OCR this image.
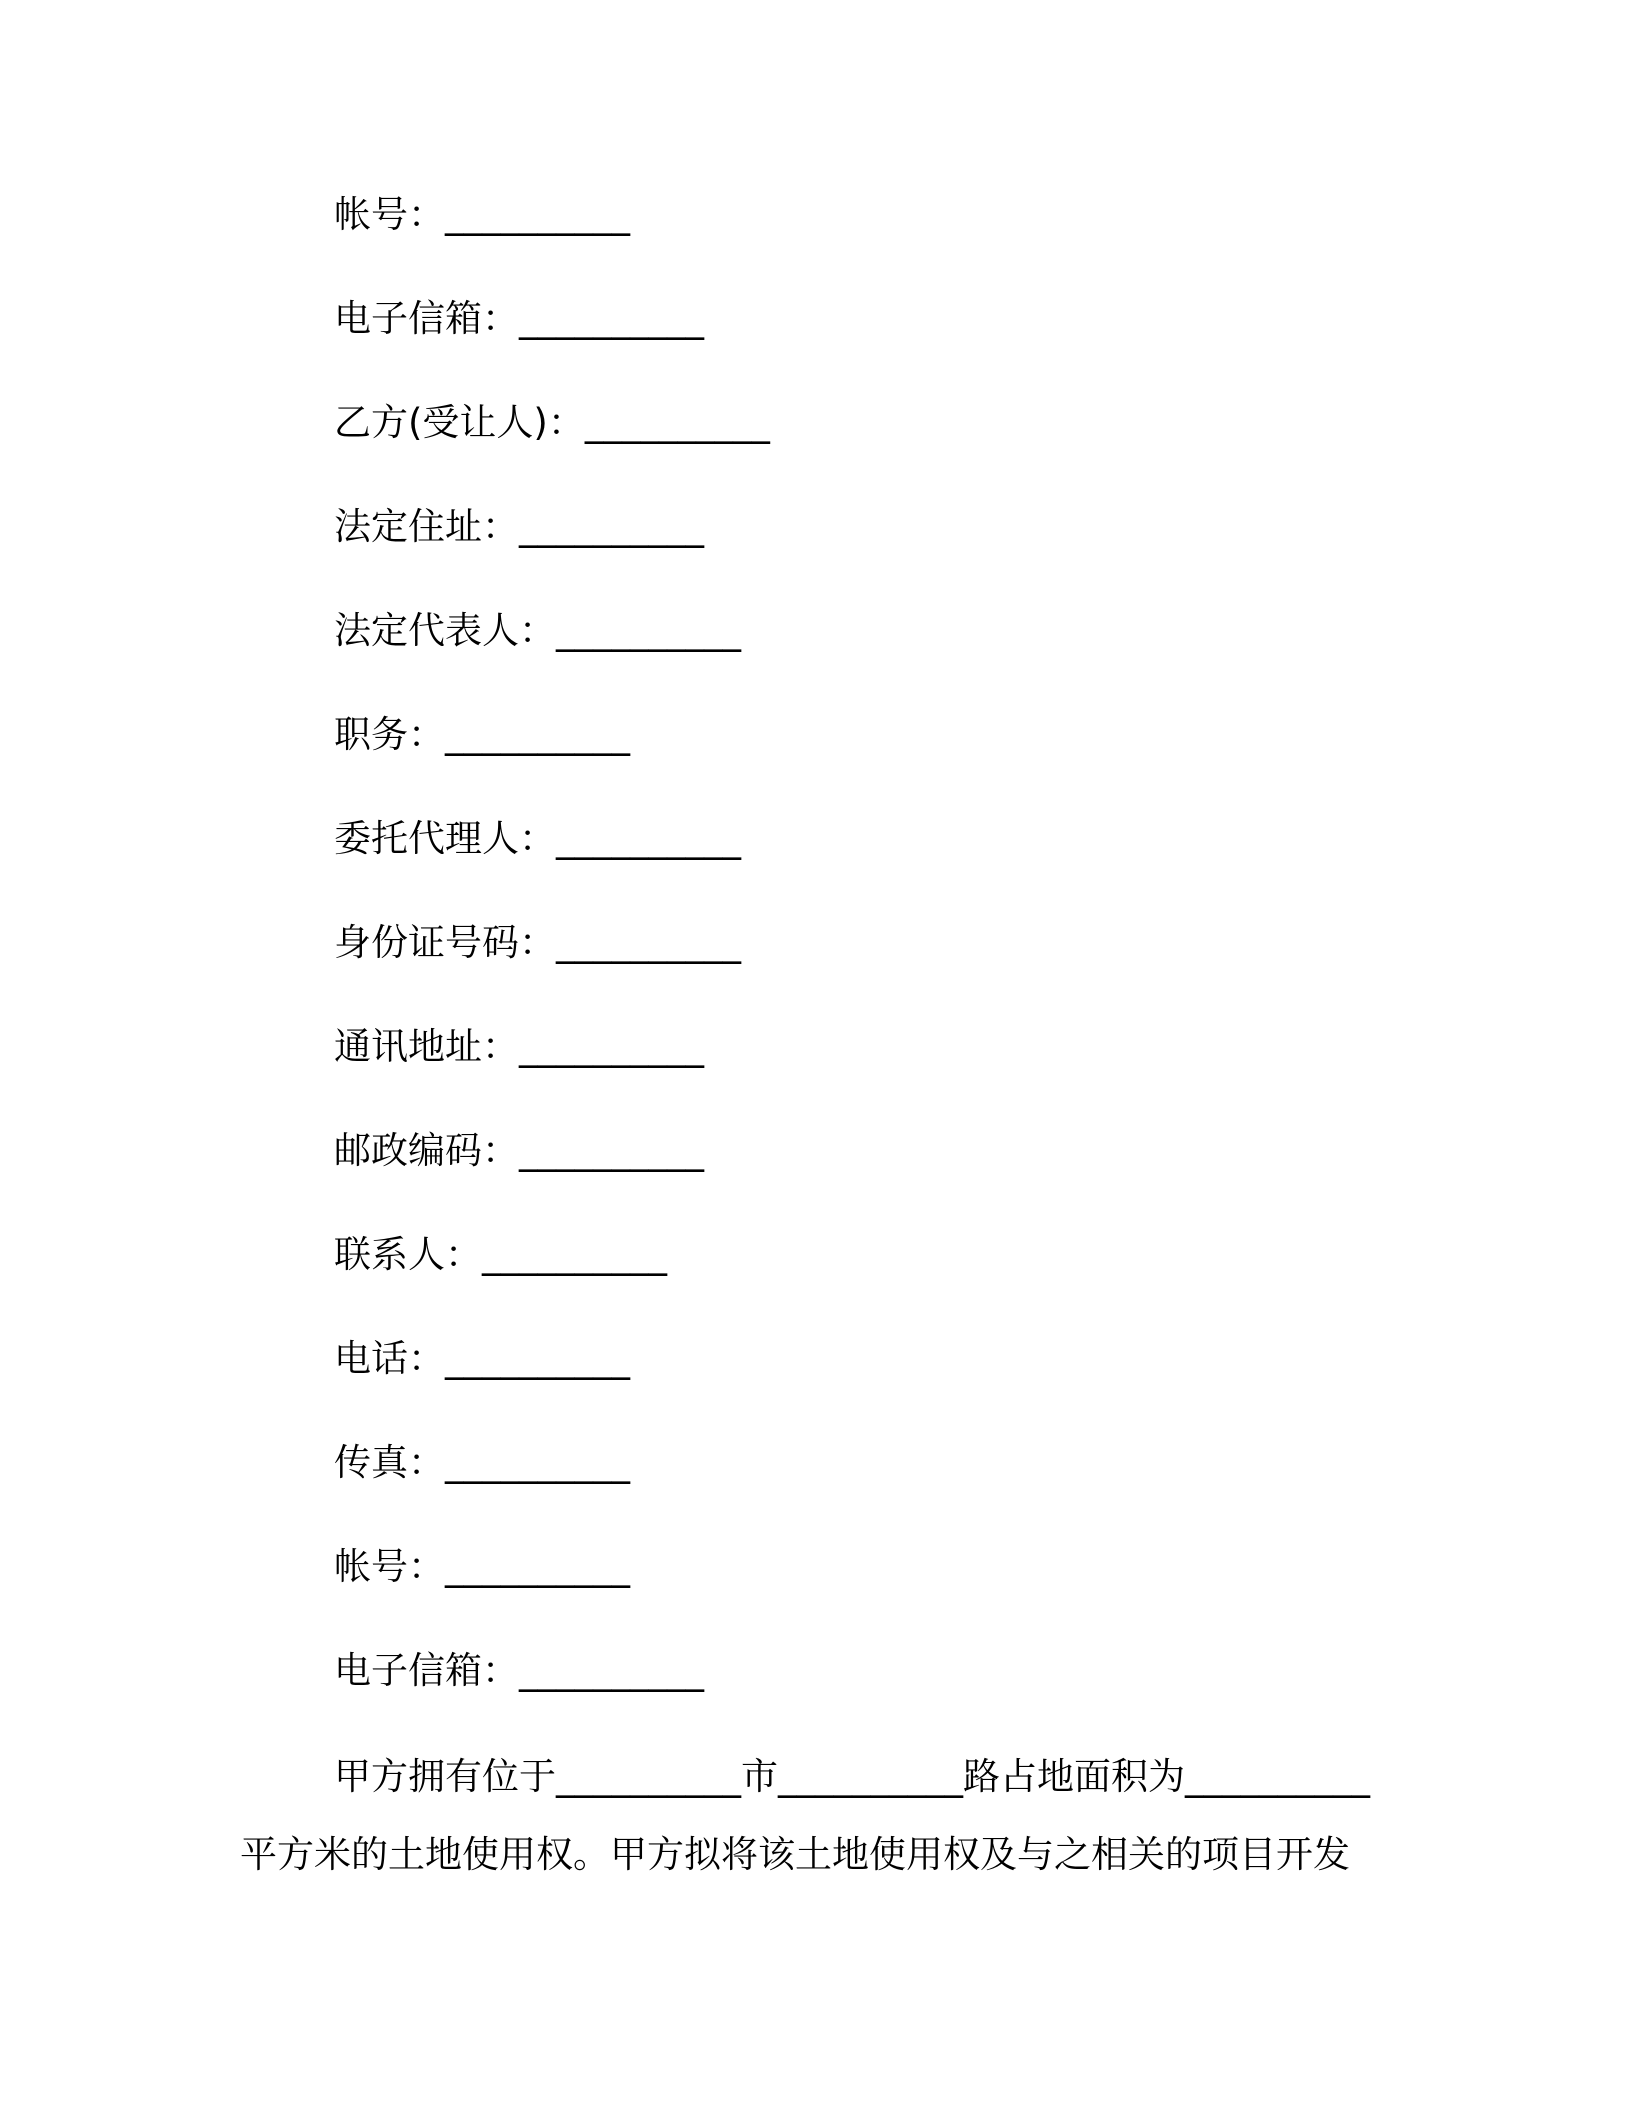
帐号：__________
电子信箱：__________
乙方(受让人)：__________
法定住址：__________
法定代表人：__________
职务：__________
委托代理人：__________
身份证号码：__________
通讯地址：__________
邮政编码：__________
联系人：__________
电话：__________
传真：__________
帐号：__________
电子信箱：__________
甲方拥有位于__________市__________路占地面积为__________
平方米的土地使用权。甲方拟将该土地使用权及与之相关的项目开发
